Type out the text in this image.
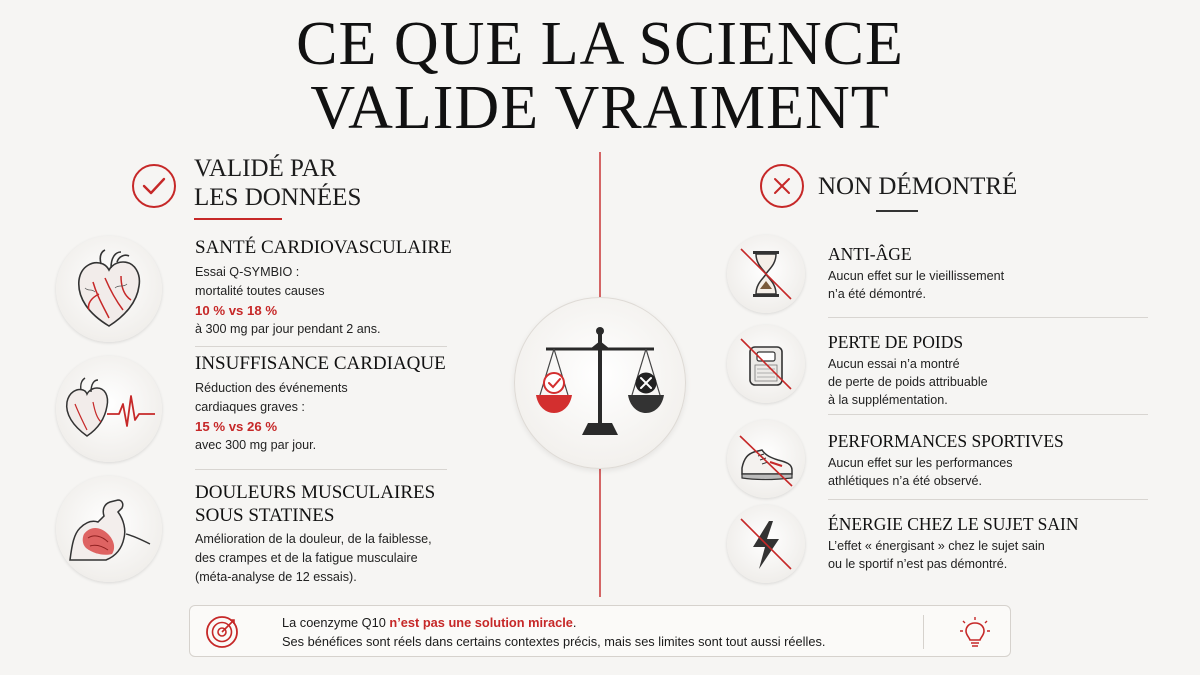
CE QUE LA SCIENCE
VALIDE VRAIMENT
VALIDÉ PAR
LES DONNÉES	NON DÉMONTRÉ
SANTÉ CARDIOVASCULAIRE
Essai Q-SYMBIO :
mortalité toutes causes
10 % vs 18 %
à 300 mg par jour pendant 2 ans.
INSUFFISANCE CARDIAQUE
Réduction des événements
cardiaques graves :
15 % vs 26 %
avec 300 mg par jour.
DOULEURS MUSCULAIRES
SOUS STATINES
Amélioration de la douleur, de la faiblesse,
des crampes et de la fatigue musculaire
(méta-analyse de 12 essais).
ANTI-ÂGE
Aucun effet sur le vieillissement
n’a été démontré.
PERTE DE POIDS
Aucun essai n’a montré
de perte de poids attribuable
à la supplémentation.
PERFORMANCES SPORTIVES
Aucun effet sur les performances
athlétiques n’a été observé.
ÉNERGIE CHEZ LE SUJET SAIN
L’effet « énergisant » chez le sujet sain
ou le sportif n’est pas démontré.
La coenzyme Q10 n’est pas une solution miracle.
Ses bénéfices sont réels dans certains contextes précis, mais ses limites sont tout aussi réelles.
